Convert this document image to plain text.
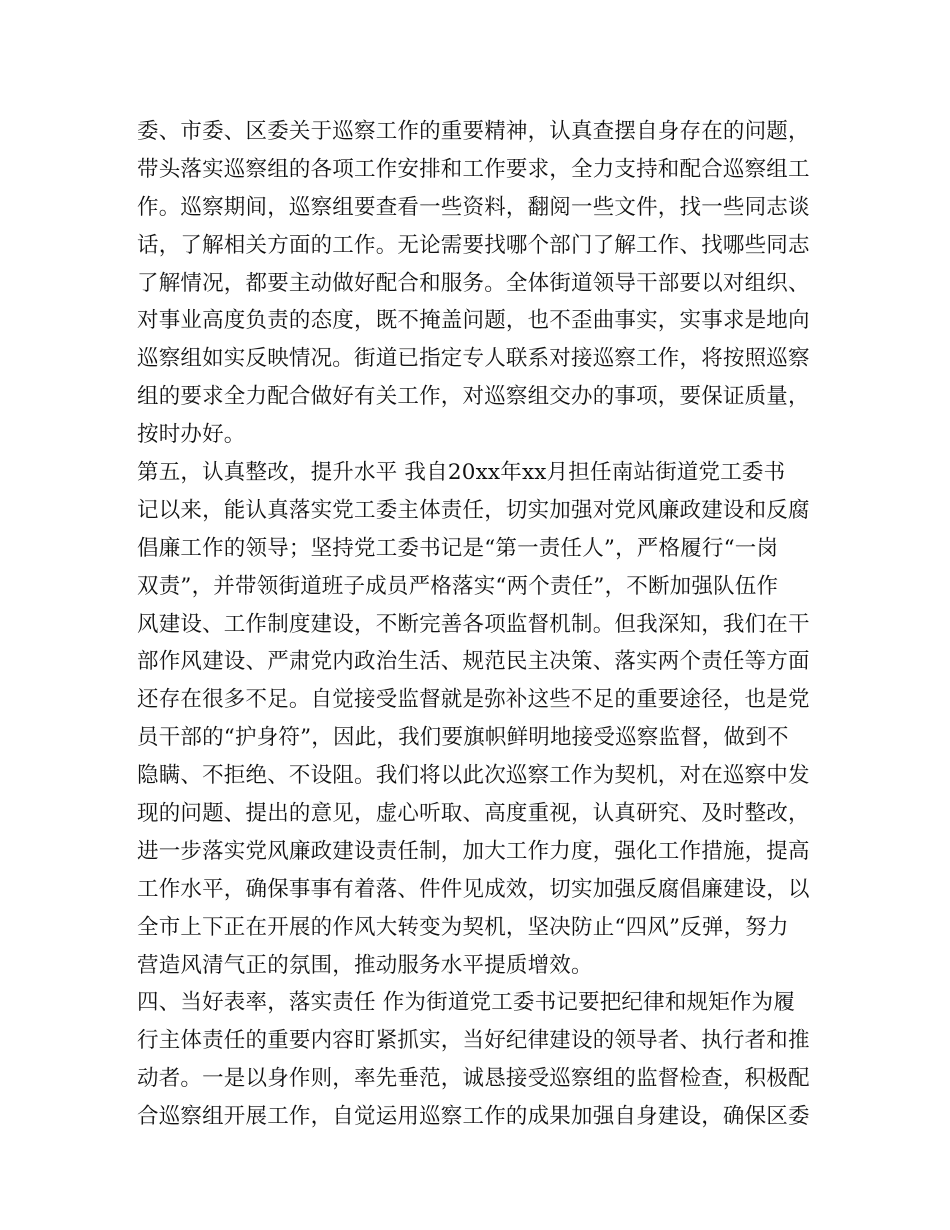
委、市委、区委关于巡察工作的重要精神，认真查摆自身存在的问题，
带头落实巡察组的各项工作安排和工作要求，全力支持和配合巡察组工
作。巡察期间，巡察组要查看一些资料，翻阅一些文件，找一些同志谈
话，了解相关方面的工作。无论需要找哪个部门了解工作、找哪些同志
了解情况，都要主动做好配合和服务。全体街道领导干部要以对组织、
对事业高度负责的态度，既不掩盖问题，也不歪曲事实，实事求是地向
巡察组如实反映情况。街道已指定专人联系对接巡察工作，将按照巡察
组的要求全力配合做好有关工作，对巡察组交办的事项，要保证质量，
按时办好。
第五，认真整改，提升水平 我自20xx年xx月担任南站街道党工委书
记以来，能认真落实党工委主体责任，切实加强对党风廉政建设和反腐
倡廉工作的领导；坚持党工委书记是“第一责任人”，严格履行“一岗
双责”，并带领街道班子成员严格落实“两个责任”，不断加强队伍作
风建设、工作制度建设，不断完善各项监督机制。但我深知，我们在干
部作风建设、严肃党内政治生活、规范民主决策、落实两个责任等方面
还存在很多不足。自觉接受监督就是弥补这些不足的重要途径，也是党
员干部的“护身符”，因此，我们要旗帜鲜明地接受巡察监督，做到不
隐瞒、不拒绝、不设阻。我们将以此次巡察工作为契机，对在巡察中发
现的问题、提出的意见，虚心听取、高度重视，认真研究、及时整改，
进一步落实党风廉政建设责任制，加大工作力度，强化工作措施，提高
工作水平，确保事事有着落、件件见成效，切实加强反腐倡廉建设，以
全市上下正在开展的作风大转变为契机，坚决防止“四风”反弹，努力
营造风清气正的氛围，推动服务水平提质增效。
四、当好表率，落实责任 作为街道党工委书记要把纪律和规矩作为履
行主体责任的重要内容盯紧抓实，当好纪律建设的领导者、执行者和推
动者。一是以身作则，率先垂范，诚恳接受巡察组的监督检查，积极配
合巡察组开展工作，自觉运用巡察工作的成果加强自身建设，确保区委
